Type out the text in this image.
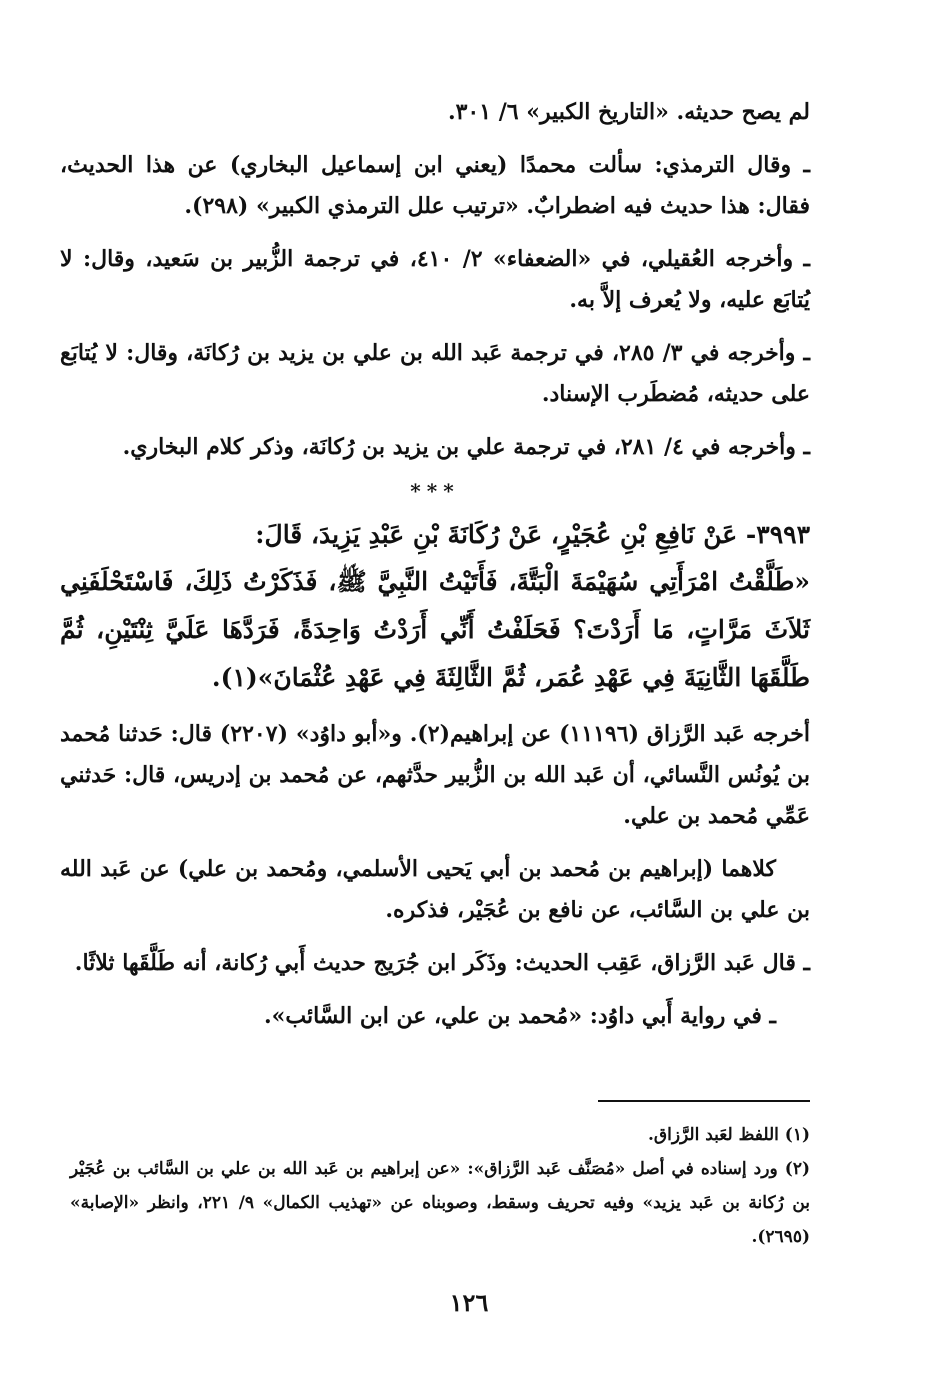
لم يصح حديثه. «التاريخ الكبير» ٦/ ٣٠١.

ـ وقال الترمذي: سألت محمدًا (يعني ابن إسماعيل البخاري) عن هذا الحديث، فقال: هذا حديث فيه اضطرابٌ. «ترتيب علل الترمذي الكبير» (٢٩٨).

ـ وأخرجه العُقيلي، في «الضعفاء» ٢/ ٤١٠، في ترجمة الزُّبير بن سَعيد، وقال: لا يُتابَع عليه، ولا يُعرف إلاَّ به.

ـ وأخرجه في ٣/ ٢٨٥، في ترجمة عَبد الله بن علي بن يزيد بن رُكانَة، وقال: لا يُتابَع على حديثه، مُضطَرب الإسناد.

ـ وأخرجه في ٤/ ٢٨١، في ترجمة علي بن يزيد بن رُكانَة، وذكر كلام البخاري.

***

٣٩٩٣- عَنْ نَافِعِ بْنِ عُجَيْرٍ، عَنْ رُكَانَةَ بْنِ عَبْدِ يَزِيدَ، قَالَ:

«طَلَّقْتُ امْرَأَتِي سُهَيْمَةَ الْبَتَّةَ، فَأَتَيْتُ النَّبِيَّ ﷺ، فَذَكَرْتُ ذَلِكَ، فَاسْتَحْلَفَنِي ثَلاَثَ مَرَّاتٍ، مَا أَرَدْتَ؟ فَحَلَفْتُ أَنِّي أَرَدْتُ وَاحِدَةً، فَرَدَّهَا عَلَيَّ ثِنْتَيْنِ، ثُمَّ طَلَّقَهَا الثَّانِيَةَ فِي عَهْدِ عُمَر، ثُمَّ الثَّالِثَةَ فِي عَهْدِ عُثْمَانَ»(١).

أخرجه عَبد الرَّزاق (١١١٩٦) عن إبراهيم(٢). و«أبو داوُد» (٢٢٠٧) قال: حَدثنا مُحمد بن يُونُس النَّسائي، أن عَبد الله بن الزُّبير حدَّثهم، عن مُحمد بن إدريس، قال: حَدثني عَمِّي مُحمد بن علي.

كلاهما (إبراهيم بن مُحمد بن أبي يَحيى الأسلمي، ومُحمد بن علي) عن عَبد الله بن علي بن السَّائب، عن نافع بن عُجَيْر، فذكره.

ـ قال عَبد الرَّزاق، عَقِب الحديث: وذَكَر ابن جُرَيج حديث أَبي رُكانة، أنه طَلَّقَها ثلاثًا.

ـ في رواية أَبي داوُد: «مُحمد بن علي، عن ابن السَّائب».

(١) اللفظ لعَبد الرَّزاق.

(٢) ورد إسناده في أصل «مُصَنَّف عَبد الرَّزاق»: «عن إبراهيم بن عَبد الله بن علي بن السَّائب بن عُجَيْر بن رُكانة بن عَبد يزيد» وفيه تحريف وسقط، وصوبناه عن «تهذيب الكمال» ٩/ ٢٢١، وانظر «الإصابة» (٢٦٩٥).

١٢٦
